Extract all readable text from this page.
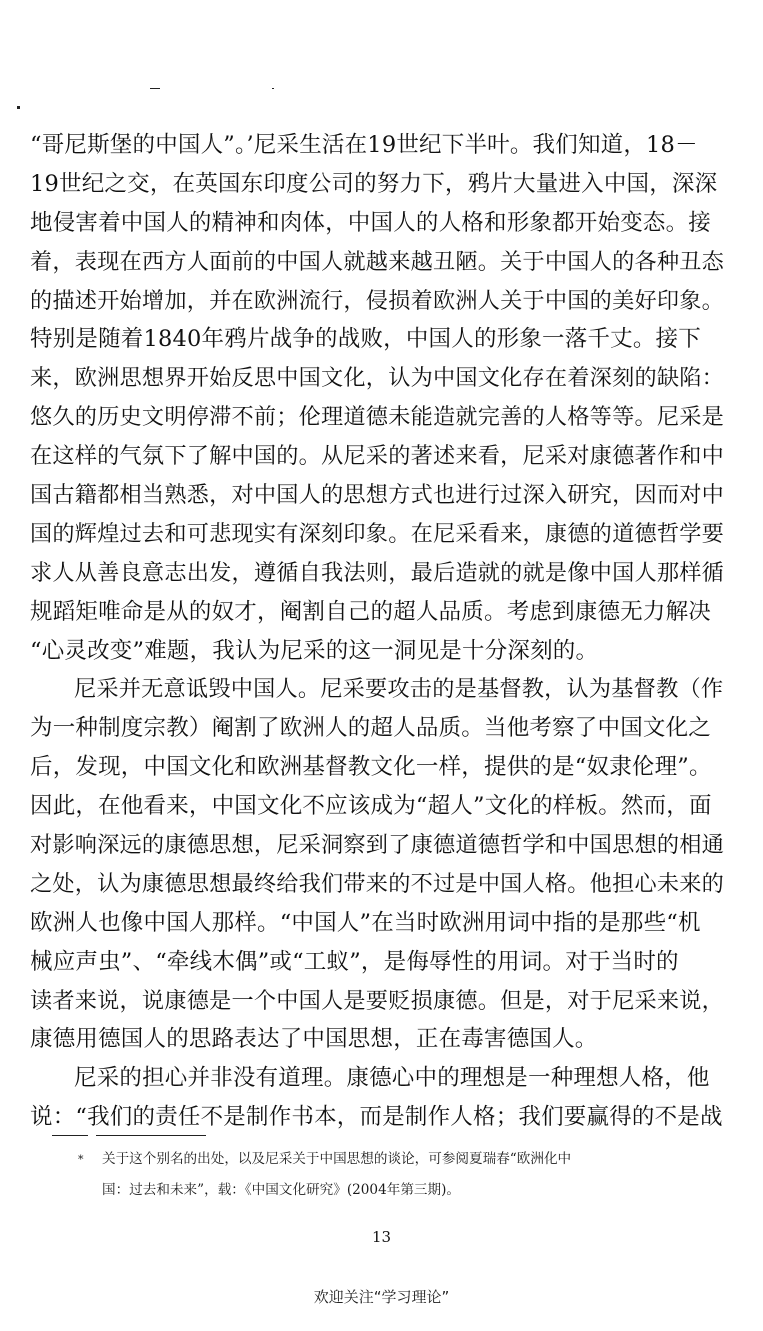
“哥尼斯堡的中国人”。’尼采生活在19世纪下半叶。我们知道，18－
19世纪之交，在英国东印度公司的努力下，鸦片大量进入中国，深深
地侵害着中国人的精神和肉体，中国人的人格和形象都开始变态。接
着，表现在西方人面前的中国人就越来越丑陋。关于中国人的各种丑态
的描述开始增加，并在欧洲流行，侵损着欧洲人关于中国的美好印象。
特别是随着1840年鸦片战争的战败，中国人的形象一落千丈。接下
来，欧洲思想界开始反思中国文化，认为中国文化存在着深刻的缺陷：
悠久的历史文明停滞不前；伦理道德未能造就完善的人格等等。尼采是
在这样的气氛下了解中国的。从尼采的著述来看，尼采对康德著作和中
国古籍都相当熟悉，对中国人的思想方式也进行过深入研究，因而对中
国的辉煌过去和可悲现实有深刻印象。在尼采看来，康德的道德哲学要
求人从善良意志出发，遵循自我法则，最后造就的就是像中国人那样循
规蹈矩唯命是从的奴才，阉割自己的超人品质。考虑到康德无力解决
“心灵改变”难题，我认为尼采的这一洞见是十分深刻的。
尼采并无意诋毁中国人。尼采要攻击的是基督教，认为基督教（作
为一种制度宗教）阉割了欧洲人的超人品质。当他考察了中国文化之
后，发现，中国文化和欧洲基督教文化一样，提供的是“奴隶伦理”。
因此，在他看来，中国文化不应该成为“超人”文化的样板。然而，面
对影响深远的康德思想，尼采洞察到了康德道德哲学和中国思想的相通
之处，认为康德思想最终给我们带来的不过是中国人格。他担心未来的
欧洲人也像中国人那样。“中国人”在当时欧洲用词中指的是那些“机
械应声虫”、“牵线木偶”或“工蚁”，是侮辱性的用词。对于当时的
读者来说，说康德是一个中国人是要贬损康德。但是，对于尼采来说，
康德用德国人的思路表达了中国思想，正在毒害德国人。
尼采的担心并非没有道理。康德心中的理想是一种理想人格，他
说：“我们的责任不是制作书本，而是制作人格；我们要赢得的不是战
* 关于这个别名的出处，以及尼采关于中国思想的谈论，可参阅夏瑞春“欧洲化中
国：过去和未来”，载：《中国文化研究》(2004年第三期)。
13
欢迎关注“学习理论”
